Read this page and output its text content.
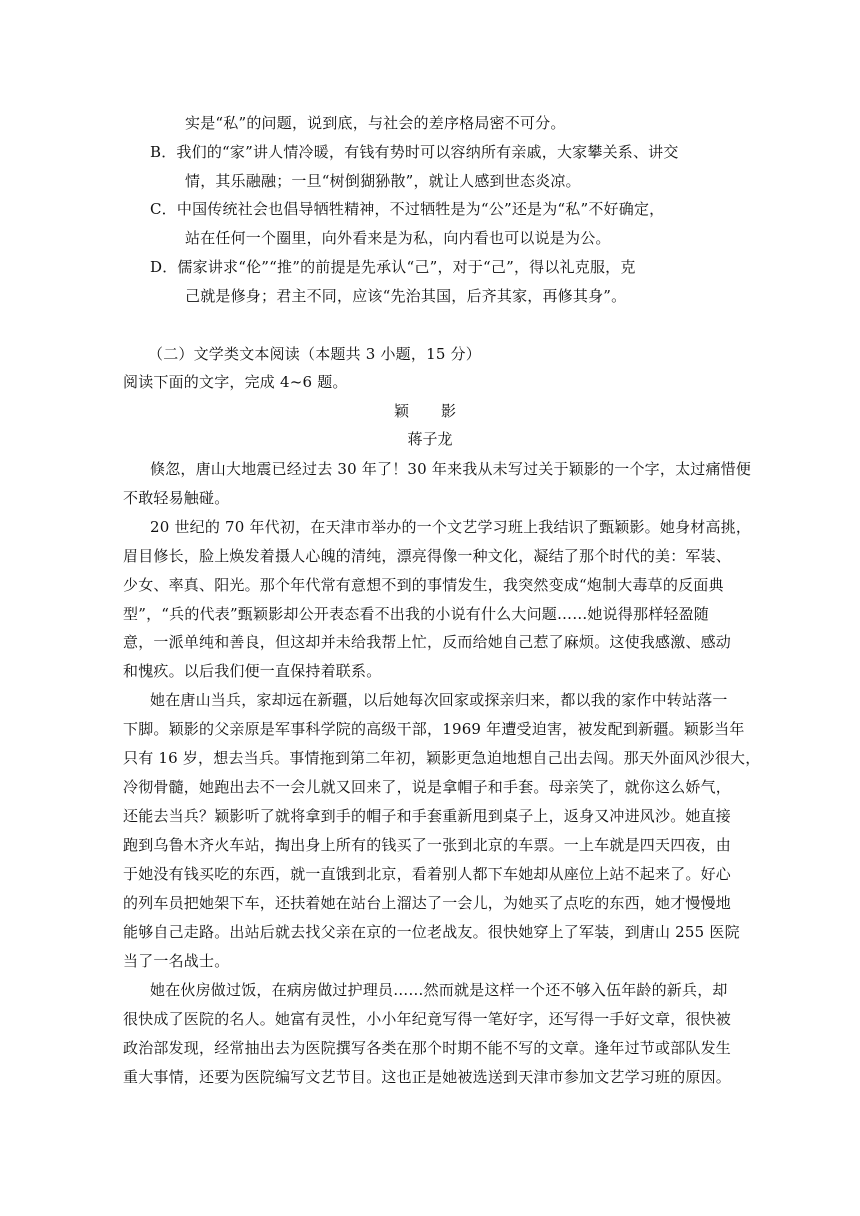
实是“私”的问题，说到底，与社会的差序格局密不可分。
B．我们的“家”讲人情冷暖，有钱有势时可以容纳所有亲戚，大家攀关系、讲交
情，其乐融融；一旦“树倒猢狲散”，就让人感到世态炎凉。
C．中国传统社会也倡导牺牲精神，不过牺牲是为“公”还是为“私”不好确定，
站在任何一个圈里，向外看来是为私，向内看也可以说是为公。
D．儒家讲求“伦”“推”的前提是先承认“己”，对于“己”，得以礼克服，克
己就是修身；君主不同，应该“先治其国，后齐其家，再修其身”。
（二）文学类文本阅读（本题共 3 小题，15 分）
阅读下面的文字，完成 4~6 题。
颖影
蒋子龙
倏忽，唐山大地震已经过去 30 年了！30 年来我从未写过关于颖影的一个字，太过痛惜便
不敢轻易触碰。
20 世纪的 70 年代初，在天津市举办的一个文艺学习班上我结识了甄颖影。她身材高挑，
眉目修长，脸上焕发着摄人心魄的清纯，漂亮得像一种文化，凝结了那个时代的美：军装、
少女、率真、阳光。那个年代常有意想不到的事情发生，我突然变成“炮制大毒草的反面典
型”，“兵的代表”甄颖影却公开表态看不出我的小说有什么大问题……她说得那样轻盈随
意，一派单纯和善良，但这却并未给我帮上忙，反而给她自己惹了麻烦。这使我感激、感动
和愧疚。以后我们便一直保持着联系。
她在唐山当兵，家却远在新疆，以后她每次回家或探亲归来，都以我的家作中转站落一
下脚。颖影的父亲原是军事科学院的高级干部，1969 年遭受迫害，被发配到新疆。颖影当年
只有 16 岁，想去当兵。事情拖到第二年初，颖影更急迫地想自己出去闯。那天外面风沙很大，
冷彻骨髓，她跑出去不一会儿就又回来了，说是拿帽子和手套。母亲笑了，就你这么娇气，
还能去当兵？颖影听了就将拿到手的帽子和手套重新甩到桌子上，返身又冲进风沙。她直接
跑到乌鲁木齐火车站，掏出身上所有的钱买了一张到北京的车票。一上车就是四天四夜，由
于她没有钱买吃的东西，就一直饿到北京，看着别人都下车她却从座位上站不起来了。好心
的列车员把她架下车，还扶着她在站台上溜达了一会儿，为她买了点吃的东西，她才慢慢地
能够自己走路。出站后就去找父亲在京的一位老战友。很快她穿上了军装，到唐山 255 医院
当了一名战士。
她在伙房做过饭，在病房做过护理员……然而就是这样一个还不够入伍年龄的新兵，却
很快成了医院的名人。她富有灵性，小小年纪竟写得一笔好字，还写得一手好文章，很快被
政治部发现，经常抽出去为医院撰写各类在那个时期不能不写的文章。逢年过节或部队发生
重大事情，还要为医院编写文艺节目。这也正是她被选送到天津市参加文艺学习班的原因。
